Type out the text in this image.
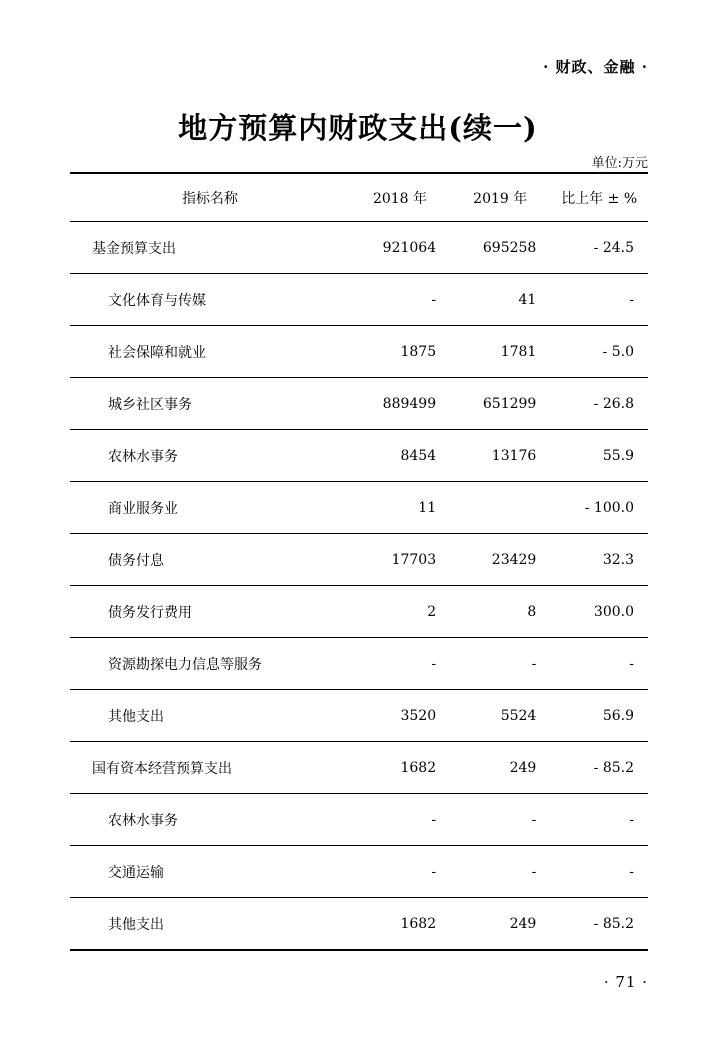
· 财政、金融 ·
地方预算内财政支出(续一)
单位:万元
指标名称	2018 年	2019 年	比上年 ± %
基金预算支出	921064	695258	- 24.5
文化体育与传媒	-	41	-
社会保障和就业	1875	1781	- 5.0
城乡社区事务	889499	651299	- 26.8
农林水事务	8454	13176	55.9
商业服务业	11		- 100.0
债务付息	17703	23429	32.3
债务发行费用	2	8	300.0
资源勘探电力信息等服务	-	-	-
其他支出	3520	5524	56.9
国有资本经营预算支出	1682	249	- 85.2
农林水事务	-	-	-
交通运输	-	-	-
其他支出	1682	249	- 85.2
· 71 ·
